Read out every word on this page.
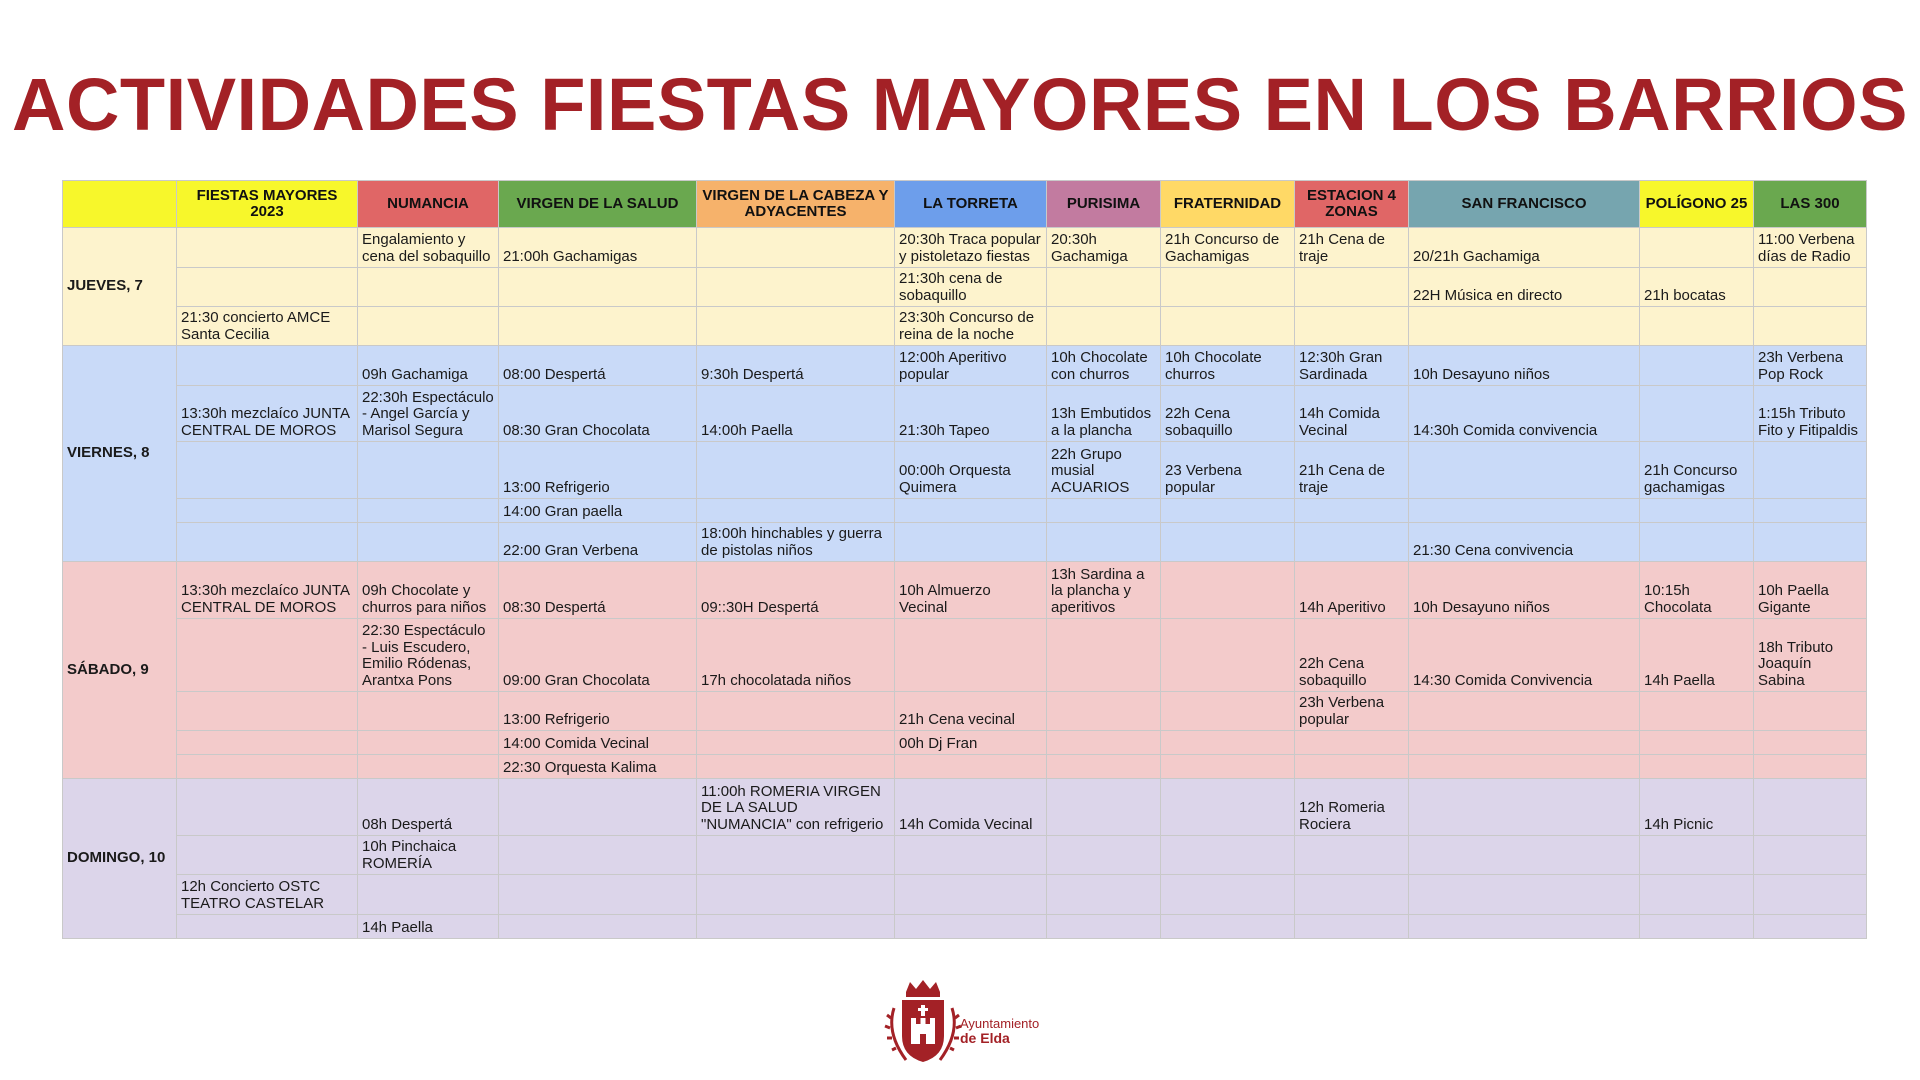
ACTIVIDADES FIESTAS MAYORES EN LOS BARRIOS
	FIESTAS MAYORES 2023	NUMANCIA	VIRGEN DE LA SALUD	VIRGEN DE LA CABEZA Y ADYACENTES	LA TORRETA	PURISIMA	FRATERNIDAD	ESTACION 4 ZONAS	SAN FRANCISCO	POLÍGONO 25	LAS 300
JUEVES, 7		Engalamiento y cena del sobaquillo	21:00h Gachamigas		20:30h Traca popular y pistoletazo fiestas	20:30h Gachamiga	21h Concurso de Gachamigas	21h Cena de traje	20/21h Gachamiga		11:00 Verbena días de Radio
					21:30h cena de sobaquillo				22H Música en directo	21h bocatas	
	21:30 concierto AMCE Santa Cecilia				23:30h Concurso de reina de la noche						
VIERNES, 8		09h Gachamiga	08:00 Despertá	9:30h Despertá	12:00h Aperitivo popular	10h Chocolate con churros	10h Chocolate churros	12:30h Gran Sardinada	10h Desayuno niños		23h Verbena Pop Rock
	13:30h mezclaíco JUNTA CENTRAL DE MOROS	22:30h Espectáculo - Angel García y Marisol Segura	08:30 Gran Chocolata	14:00h Paella	21:30h Tapeo	13h Embutidos a la plancha	22h Cena sobaquillo	14h Comida Vecinal	14:30h Comida convivencia		1:15h Tributo Fito y Fitipaldis
			13:00 Refrigerio		00:00h Orquesta Quimera	22h Grupo musial ACUARIOS	23 Verbena popular	21h Cena de traje		21h Concurso gachamigas	
			14:00 Gran paella								
			22:00 Gran Verbena	18:00h hinchables y guerra de pistolas niños					21:30 Cena convivencia		
SÁBADO, 9	13:30h mezclaíco JUNTA CENTRAL DE MOROS	09h Chocolate y churros para niños	08:30 Despertá	09::30H Despertá	10h Almuerzo Vecinal	13h Sardina a la plancha y aperitivos		14h Aperitivo	10h Desayuno niños	10:15h Chocolata	10h Paella Gigante
		22:30 Espectáculo - Luis Escudero, Emilio Ródenas, Arantxa Pons	09:00 Gran Chocolata	17h chocolatada niños				22h Cena sobaquillo	14:30 Comida Convivencia	14h Paella	18h Tributo Joaquín Sabina
			13:00 Refrigerio		21h Cena vecinal			23h Verbena popular			
			14:00 Comida Vecinal		00h Dj Fran						
			22:30 Orquesta Kalima								
DOMINGO, 10		08h Despertá		11:00h ROMERIA VIRGEN DE LA SALUD "NUMANCIA" con refrigerio	14h Comida Vecinal			12h Romeria Rociera		14h Picnic	
		10h Pinchaica ROMERÍA									
	12h Concierto OSTC TEATRO CASTELAR										
		14h Paella									
Ayuntamiento
de Elda
